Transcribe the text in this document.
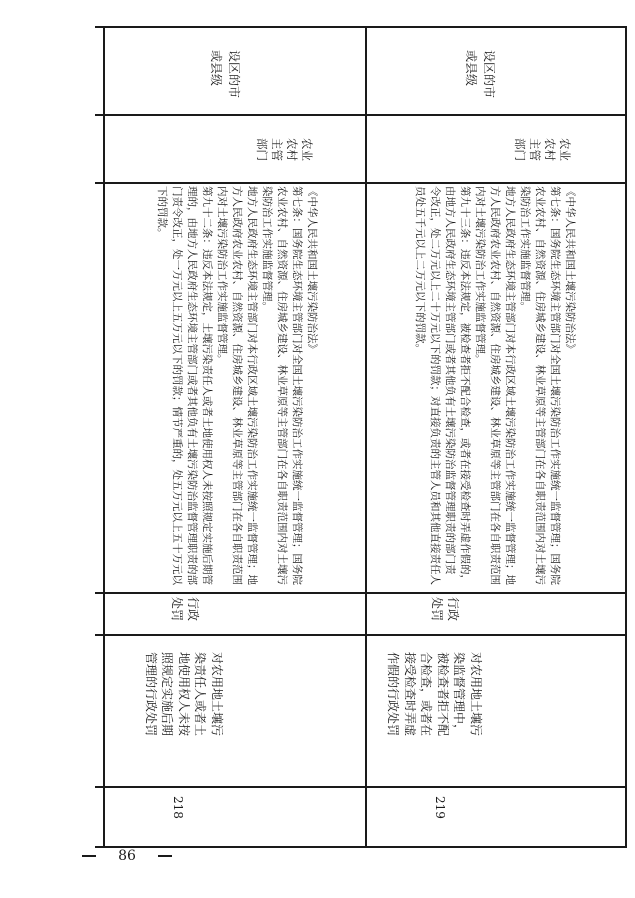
设区的市
或县级
农业
农村
主管
部门
《中华人民共和国土壤污染防治法》
第七条：国务院生态环境主管部门对全国土壤污染防治工作实施统一监督管理；国务院
农业农村、自然资源、住房城乡建设、林业草原等主管部门在各自职责范围内对土壤污
染防治工作实施监督管理。
地方人民政府生态环境主管部门对本行政区域土壤污染防治工作实施统一监督管理；地
方人民政府农业农村、自然资源、住房城乡建设、林业草原等主管部门在各自职责范围
内对土壤污染防治工作实施监督管理。
第九十二条：违反本法规定，土壤污染责任人或者土地使用权人未按照规定实施后期管
理的，由地方人民政府生态环境主管部门或者其他负有土壤污染防治监督管理职责的部
门责令改正，处一万元以上五万元以下的罚款；情节严重的，处五万元以上五十万元以
下的罚款。
行政
处罚
对农用地土壤污
染责任人或者土
地使用权人未按
照规定实施后期
管理的行政处罚
218
设区的市
或县级
农业
农村
主管
部门
《中华人民共和国土壤污染防治法》
第七条：国务院生态环境主管部门对全国土壤污染防治工作实施统一监督管理；国务院
农业农村、自然资源、住房城乡建设、林业草原等主管部门在各自职责范围内对土壤污
染防治工作实施监督管理。
地方人民政府生态环境主管部门对本行政区域土壤污染防治工作实施统一监督管理；地
方人民政府农业农村、自然资源、住房城乡建设、林业草原等主管部门在各自职责范围
内对土壤污染防治工作实施监督管理。
第九十三条：违反本法规定，被检查者拒不配合检查，或者在接受检查时弄虚作假的，
由地方人民政府生态环境主管部门或者其他负有土壤污染防治监督管理职责的部门责
令改正，处二万元以上二十万元以下的罚款；对直接负责的主管人员和其他直接责任人
员处五千元以上二万元以下的罚款。
行政
处罚
对农用地土壤污
染监督管理中，
被检查者拒不配
合检查，或者在
接受检查时弄虚
作假的行政处罚
219
86
